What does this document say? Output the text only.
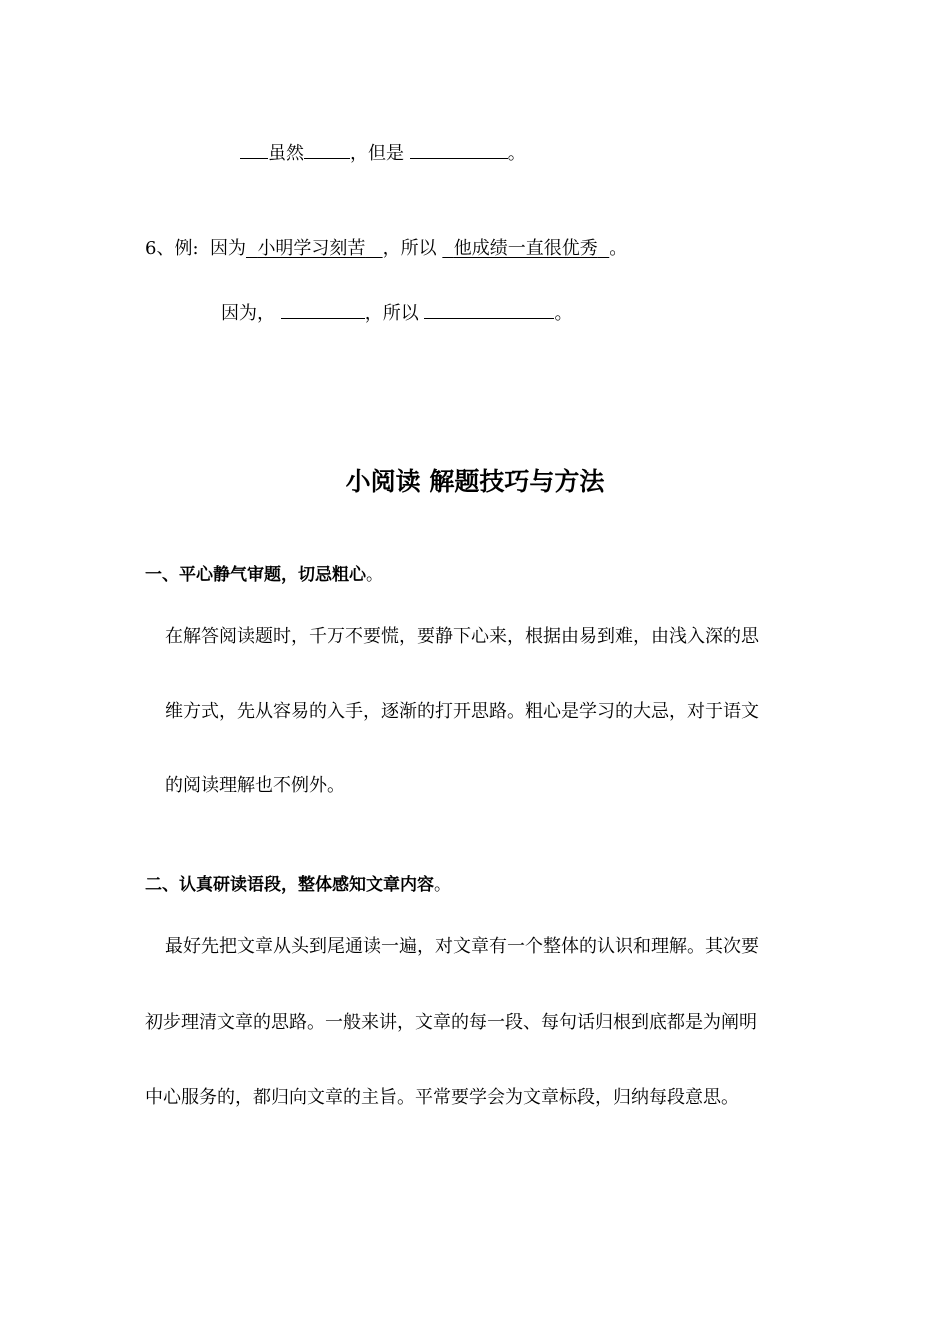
虽然	，但是	。
6、例: 因为 小明学习刻苦 ，所以 他成绩一直很优秀 。
因为，	，所以	。
小阅读 解题技巧与方法
一、平心静气审题，切忌粗心。
在解答阅读题时，千万不要慌，要静下心来，根据由易到难，由浅入深的思
维方式，先从容易的入手，逐渐的打开思路。粗心是学习的大忌，对于语文
的阅读理解也不例外。
二、认真研读语段，整体感知文章内容。
最好先把文章从头到尾通读一遍，对文章有一个整体的认识和理解。其次要
初步理清文章的思路。一般来讲，文章的每一段、每句话归根到底都是为阐明
中心服务的，都归向文章的主旨。平常要学会为文章标段，归纳每段意思。
